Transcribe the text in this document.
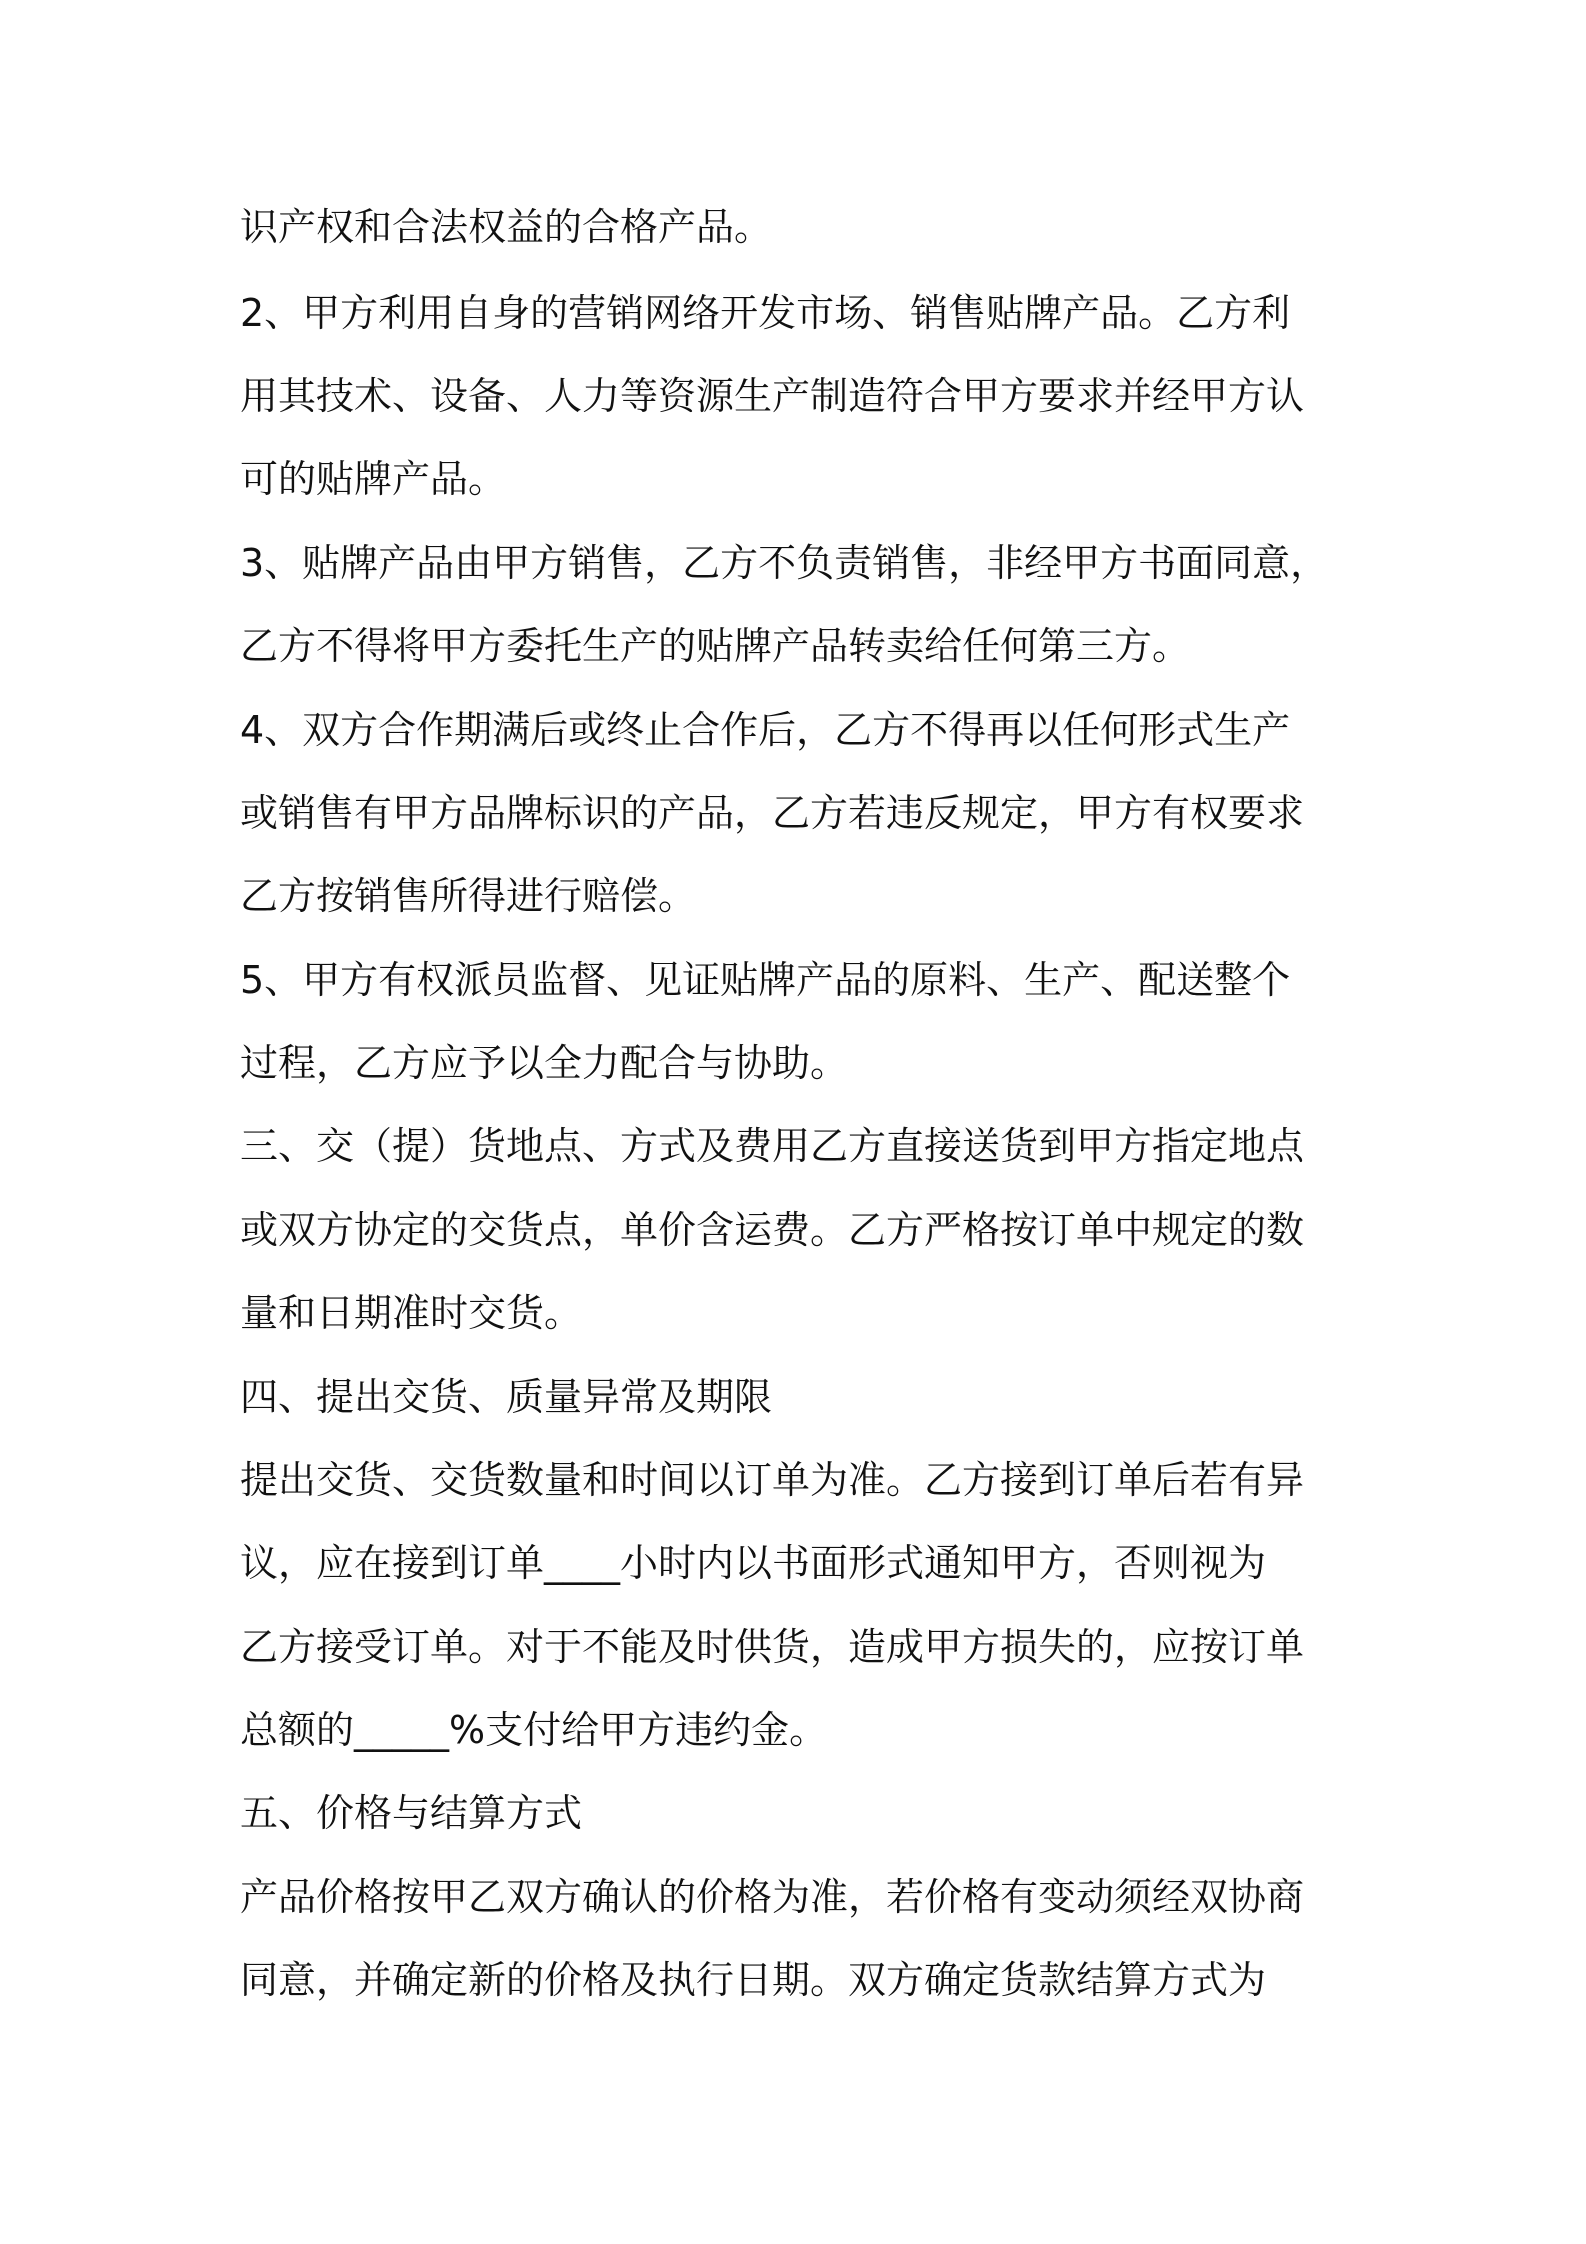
识产权和合法权益的合格产品。

2、甲方利用自身的营销网络开发市场、销售贴牌产品。乙方利

用其技术、设备、人力等资源生产制造符合甲方要求并经甲方认

可的贴牌产品。

3、贴牌产品由甲方销售，乙方不负责销售，非经甲方书面同意，

乙方不得将甲方委托生产的贴牌产品转卖给任何第三方。

4、双方合作期满后或终止合作后，乙方不得再以任何形式生产

或销售有甲方品牌标识的产品，乙方若违反规定，甲方有权要求

乙方按销售所得进行赔偿。

5、甲方有权派员监督、见证贴牌产品的原料、生产、配送整个

过程，乙方应予以全力配合与协助。

三、交（提）货地点、方式及费用乙方直接送货到甲方指定地点

或双方协定的交货点，单价含运费。乙方严格按订单中规定的数

量和日期准时交货。

四、提出交货、质量异常及期限

提出交货、交货数量和时间以订单为准。乙方接到订单后若有异

议，应在接到订单____小时内以书面形式通知甲方，否则视为

乙方接受订单。对于不能及时供货，造成甲方损失的，应按订单

总额的_____%支付给甲方违约金。

五、价格与结算方式

产品价格按甲乙双方确认的价格为准，若价格有变动须经双协商

同意，并确定新的价格及执行日期。双方确定货款结算方式为
